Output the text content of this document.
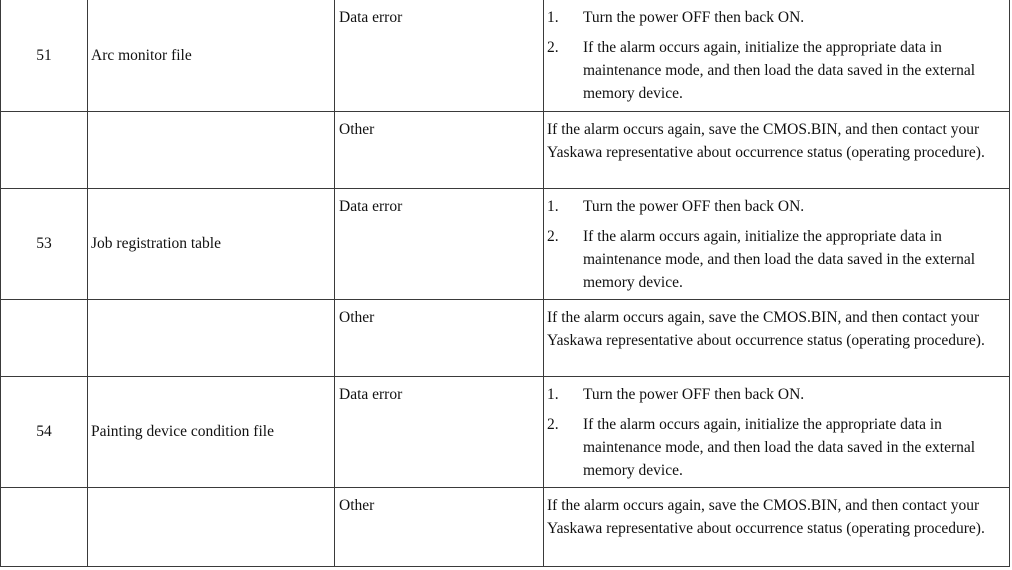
51	Arc monitor file	Data error	1. Turn the power OFF then back ON.
2. If the alarm occurs again, initialize the appropriate data in maintenance mode, and then load the data saved in the external memory device.

		Other	If the alarm occurs again, save the CMOS.BIN, and then contact your Yaskawa representative about occurrence status (operating procedure).

53	Job registration table	Data error	1. Turn the power OFF then back ON.
2. If the alarm occurs again, initialize the appropriate data in maintenance mode, and then load the data saved in the external memory device.

		Other	If the alarm occurs again, save the CMOS.BIN, and then contact your Yaskawa representative about occurrence status (operating procedure).

54	Painting device condition file	Data error	1. Turn the power OFF then back ON.
2. If the alarm occurs again, initialize the appropriate data in maintenance mode, and then load the data saved in the external memory device.

		Other	If the alarm occurs again, save the CMOS.BIN, and then contact your Yaskawa representative about occurrence status (operating procedure).
